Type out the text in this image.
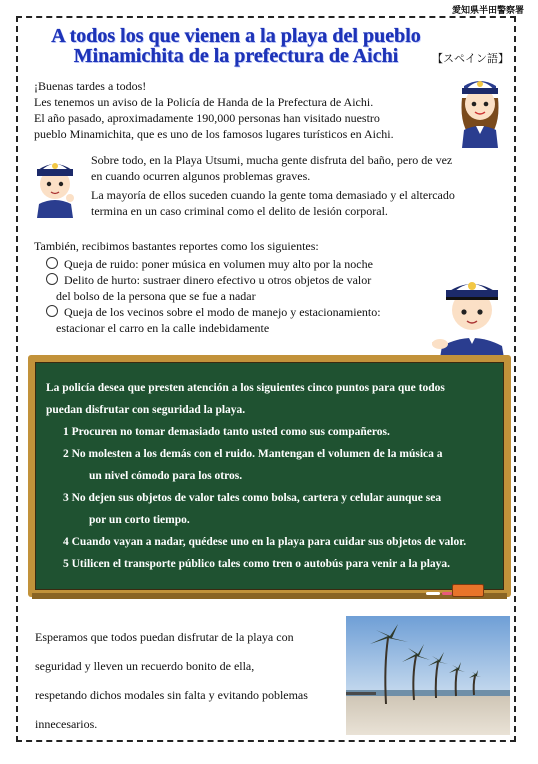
愛知県半田警察署
A todos los que vienen a la playa del pueblo
Minamichita de la prefectura de Aichi	【スペイン語】
¡Buenas tardes a todos!
Les tenemos un aviso de la Policía de Handa de la Prefectura de Aichi.
El año pasado, aproximadamente 190,000 personas han visitado nuestro
pueblo Minamichita, que es uno de los famosos lugares turísticos en Aichi.
Sobre todo, en la Playa Utsumi, mucha gente disfruta del baño, pero de vez
en cuando ocurren algunos problemas graves.
La mayoría de ellos suceden cuando la gente toma demasiado y el altercado
termina en un caso criminal como el delito de lesión corporal.
También, recibimos bastantes reportes como los siguientes:
Queja de ruido: poner música en volumen muy alto por la noche
Delito de hurto: sustraer dinero efectivo u otros objetos de valor
del bolso de la persona que se fue a nadar
Queja de los vecinos sobre el modo de manejo y estacionamiento:
estacionar el carro en la calle indebidamente
La policía desea que presten atención a los siguientes cinco puntos para que todos
puedan disfrutar con seguridad la playa.
1 Procuren no tomar demasiado tanto usted como sus compañeros.
2 No molesten a los demás con el ruido. Mantengan el volumen de la música a
un nivel cómodo para los otros.
3 No dejen sus objetos de valor tales como bolsa, cartera y celular aunque sea
por un corto tiempo.
4 Cuando vayan a nadar, quédese uno en la playa para cuidar sus objetos de valor.
5 Utilicen el transporte público tales como tren o autobús para venir a la playa.
Esperamos que todos puedan disfrutar de la playa con
seguridad y lleven un recuerdo bonito de ella,
respetando dichos modales sin falta y evitando poblemas
innecesarios.
